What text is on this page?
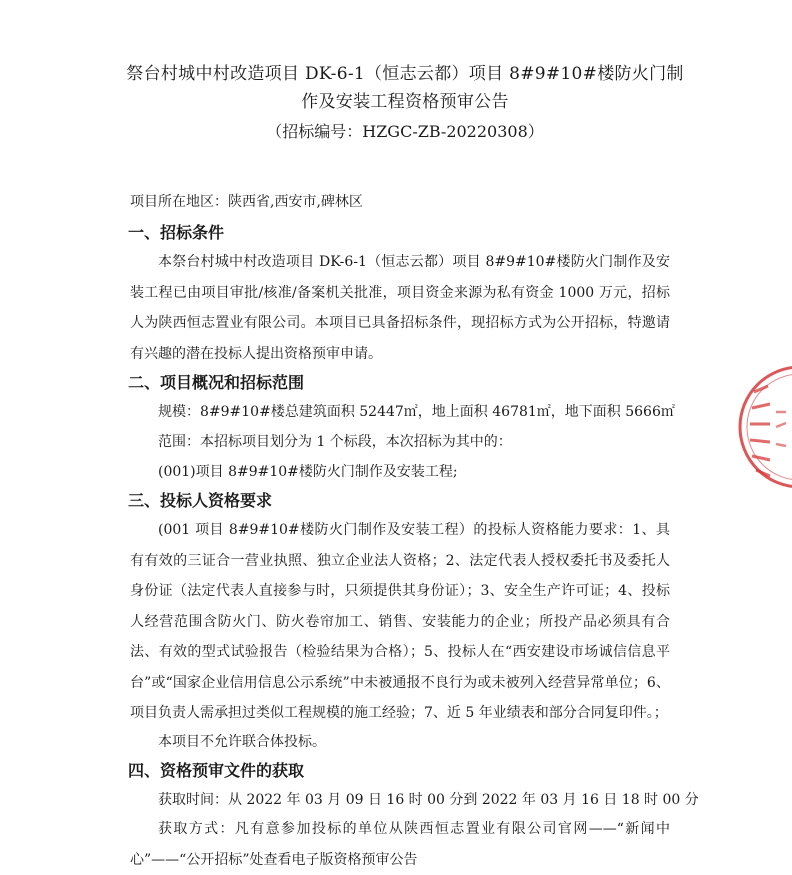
祭台村城中村改造项目 DK-6-1（恒志云都）项目 8#9#10#楼防火门制作及安装工程资格预审公告
（招标编号：HZGC-ZB-20220308）
项目所在地区：陕西省,西安市,碑林区
一、招标条件
本祭台村城中村改造项目 DK-6-1（恒志云都）项目 8#9#10#楼防火门制作及安装工程已由项目审批/核准/备案机关批准，项目资金来源为私有资金 1000 万元，招标人为陕西恒志置业有限公司。本项目已具备招标条件，现招标方式为公开招标，特邀请有兴趣的潜在投标人提出资格预审申请。
二、项目概况和招标范围
规模：8#9#10#楼总建筑面积 52447㎡，地上面积 46781㎡，地下面积 5666㎡
范围：本招标项目划分为 1 个标段，本次招标为其中的：
(001)项目 8#9#10#楼防火门制作及安装工程;
三、投标人资格要求
(001 项目 8#9#10#楼防火门制作及安装工程）的投标人资格能力要求：1、具有有效的三证合一营业执照、独立企业法人资格；2、法定代表人授权委托书及委托人身份证（法定代表人直接参与时，只须提供其身份证）；3、安全生产许可证；4、投标人经营范围含防火门、防火卷帘加工、销售、安装能力的企业；所投产品必须具有合法、有效的型式试验报告（检验结果为合格）；5、投标人在“西安建设市场诚信信息平台”或“国家企业信用信息公示系统”中未被通报不良行为或未被列入经营异常单位；6、项目负责人需承担过类似工程规模的施工经验；7、近 5 年业绩表和部分合同复印件。；
本项目不允许联合体投标。
四、资格预审文件的获取
获取时间：从 2022 年 03 月 09 日 16 时 00 分到 2022 年 03 月 16 日 18 时 00 分
获取方式：凡有意参加投标的单位从陕西恒志置业有限公司官网——“新闻中心”——“公开招标”处查看电子版资格预审公告
